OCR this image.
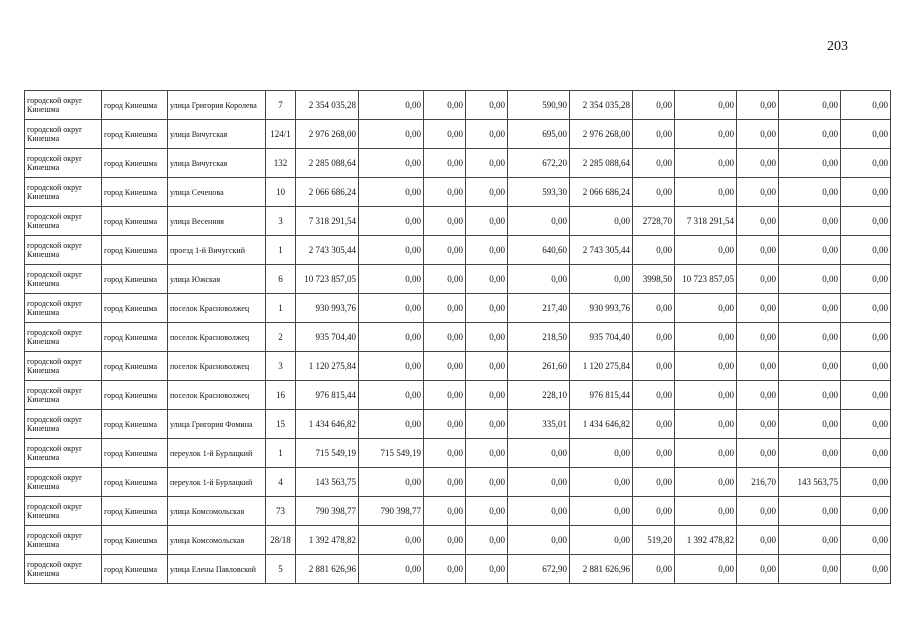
203
городской округ Кинешма	город Кинешма	улица Григория Королева	7	2 354 035,28	0,00	0,00	0,00	590,90	2 354 035,28	0,00	0,00	0,00	0,00	0,00
городской округ Кинешма	город Кинешма	улица Вичугская	124/1	2 976 268,00	0,00	0,00	0,00	695,00	2 976 268,00	0,00	0,00	0,00	0,00	0,00
городской округ Кинешма	город Кинешма	улица Вичугская	132	2 285 088,64	0,00	0,00	0,00	672,20	2 285 088,64	0,00	0,00	0,00	0,00	0,00
городской округ Кинешма	город Кинешма	улица Сеченова	10	2 066 686,24	0,00	0,00	0,00	593,30	2 066 686,24	0,00	0,00	0,00	0,00	0,00
городской округ Кинешма	город Кинешма	улица Весенняя	3	7 318 291,54	0,00	0,00	0,00	0,00	0,00	2728,70	7 318 291,54	0,00	0,00	0,00
городской округ Кинешма	город Кинешма	проезд 1-й Вичугский	1	2 743 305,44	0,00	0,00	0,00	640,60	2 743 305,44	0,00	0,00	0,00	0,00	0,00
городской округ Кинешма	город Кинешма	улица Южская	6	10 723 857,05	0,00	0,00	0,00	0,00	0,00	3998,50	10 723 857,05	0,00	0,00	0,00
городской округ Кинешма	город Кинешма	поселок Красноволжец	1	930 993,76	0,00	0,00	0,00	217,40	930 993,76	0,00	0,00	0,00	0,00	0,00
городской округ Кинешма	город Кинешма	поселок Красноволжец	2	935 704,40	0,00	0,00	0,00	218,50	935 704,40	0,00	0,00	0,00	0,00	0,00
городской округ Кинешма	город Кинешма	поселок Красноволжец	3	1 120 275,84	0,00	0,00	0,00	261,60	1 120 275,84	0,00	0,00	0,00	0,00	0,00
городской округ Кинешма	город Кинешма	поселок Красноволжец	16	976 815,44	0,00	0,00	0,00	228,10	976 815,44	0,00	0,00	0,00	0,00	0,00
городской округ Кинешма	город Кинешма	улица Григория Фомина	15	1 434 646,82	0,00	0,00	0,00	335,01	1 434 646,82	0,00	0,00	0,00	0,00	0,00
городской округ Кинешма	город Кинешма	переулок 1-й Бурлацкий	1	715 549,19	715 549,19	0,00	0,00	0,00	0,00	0,00	0,00	0,00	0,00	0,00
городской округ Кинешма	город Кинешма	переулок 1-й Бурлацкий	4	143 563,75	0,00	0,00	0,00	0,00	0,00	0,00	0,00	216,70	143 563,75	0,00
городской округ Кинешма	город Кинешма	улица Комсомольская	73	790 398,77	790 398,77	0,00	0,00	0,00	0,00	0,00	0,00	0,00	0,00	0,00
городской округ Кинешма	город Кинешма	улица Комсомольская	28/18	1 392 478,82	0,00	0,00	0,00	0,00	0,00	519,20	1 392 478,82	0,00	0,00	0,00
городской округ Кинешма	город Кинешма	улица Елены Павловской	5	2 881 626,96	0,00	0,00	0,00	672,90	2 881 626,96	0,00	0,00	0,00	0,00	0,00
